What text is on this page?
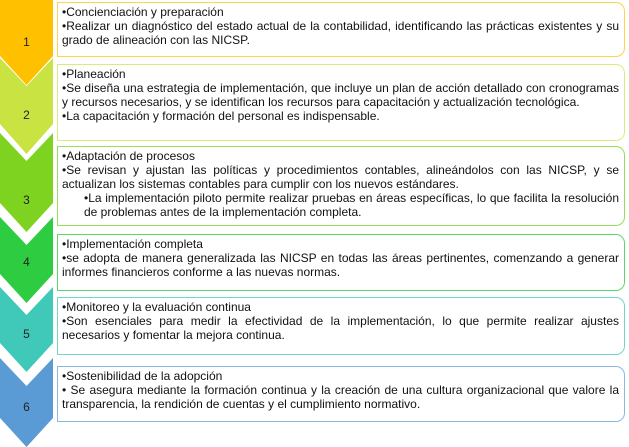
1

•Concienciación y preparación

•Realizar un diagnóstico del estado actual de la contabilidad, identificando las prácticas existentes y su grado de alineación con las NICSP.

2

•Planeación

•Se diseña una estrategia de implementación, que incluye un plan de acción detallado con cronogramas y recursos necesarios, y se identifican los recursos para capacitación y actualización tecnológica.

•La capacitación y formación del personal es indispensable.

3

•Adaptación de procesos

•Se revisan y ajustan las políticas y procedimientos contables, alineándolos con las NICSP, y se actualizan los sistemas contables para cumplir con los nuevos estándares.

•La implementación piloto permite realizar pruebas en áreas específicas, lo que facilita la resolución de problemas antes de la implementación completa.

4

•Implementación completa

•se adopta de manera generalizada las NICSP en todas las áreas pertinentes, comenzando a generar informes financieros conforme a las nuevas normas.

5

•Monitoreo y la evaluación continua

•Son esenciales para medir la efectividad de la implementación, lo que permite realizar ajustes necesarios y fomentar la mejora continua.

6

•Sostenibilidad de la adopción

• Se asegura mediante la formación continua y la creación de una cultura organizacional que valore la transparencia, la rendición de cuentas y el cumplimiento normativo.
